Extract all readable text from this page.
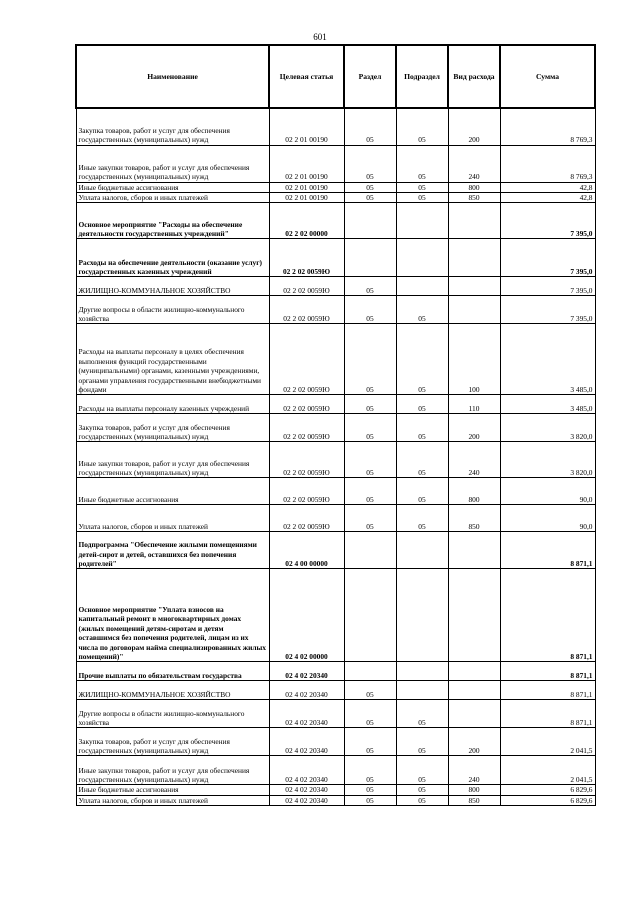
601
Наименование	Целевая статья	Раздел	Подраздел	Вид расхода	Сумма
Закупка товаров, работ и услуг для обеспечения государственных (муниципальных) нужд	02 2 01 00190	05	05	200	8 769,3
Иные закупки товаров, работ и услуг для обеспечения государственных (муниципальных) нужд	02 2 01 00190	05	05	240	8 769,3
Иные бюджетные ассигнования	02 2 01 00190	05	05	800	42,8
Уплата налогов, сборов и иных платежей	02 2 01 00190	05	05	850	42,8
Основное мероприятие "Расходы на обеспечение деятельности государственных учреждений"	02 2 02 00000				7 395,0
Расходы на обеспечение деятельности (оказание услуг) государственных казенных учреждений	02 2 02 0059Ю				7 395,0
ЖИЛИЩНО-КОММУНАЛЬНОЕ ХОЗЯЙСТВО	02 2 02 0059Ю	05			7 395,0
Другие вопросы в области жилищно-коммунального хозяйства	02 2 02 0059Ю	05	05		7 395,0
Расходы на выплаты персоналу в целях обеспечения выполнения функций государственными (муниципальными) органами, казенными учреждениями, органами управления государственными внебюджетными фондами	02 2 02 0059Ю	05	05	100	3 485,0
Расходы на выплаты персоналу казенных учреждений	02 2 02 0059Ю	05	05	110	3 485,0
Закупка товаров, работ и услуг для обеспечения государственных (муниципальных) нужд	02 2 02 0059Ю	05	05	200	3 820,0
Иные закупки товаров, работ и услуг для обеспечения государственных (муниципальных) нужд	02 2 02 0059Ю	05	05	240	3 820,0
Иные бюджетные ассигнования	02 2 02 0059Ю	05	05	800	90,0
Уплата налогов, сборов и иных платежей	02 2 02 0059Ю	05	05	850	90,0
Подпрограмма "Обеспечение жилыми помещениями детей-сирот и детей, оставшихся без попечения родителей"	02 4 00 00000				8 871,1
Основное мероприятие "Уплата взносов на капитальный ремонт в многоквартирных домах (жилых помещений детям-сиротам и детям оставшимся без попечения родителей, лицам из их числа по договорам найма специализированных жилых помещений)"	02 4 02 00000				8 871,1
Прочие выплаты по обязательствам государства	02 4 02 20340				8 871,1
ЖИЛИЩНО-КОММУНАЛЬНОЕ ХОЗЯЙСТВО	02 4 02 20340	05			8 871,1
Другие вопросы в области жилищно-коммунального хозяйства	02 4 02 20340	05	05		8 871,1
Закупка товаров, работ и услуг для обеспечения государственных (муниципальных) нужд	02 4 02 20340	05	05	200	2 041,5
Иные закупки товаров, работ и услуг для обеспечения государственных (муниципальных) нужд	02 4 02 20340	05	05	240	2 041,5
Иные бюджетные ассигнования	02 4 02 20340	05	05	800	6 829,6
Уплата налогов, сборов и иных платежей	02 4 02 20340	05	05	850	6 829,6
